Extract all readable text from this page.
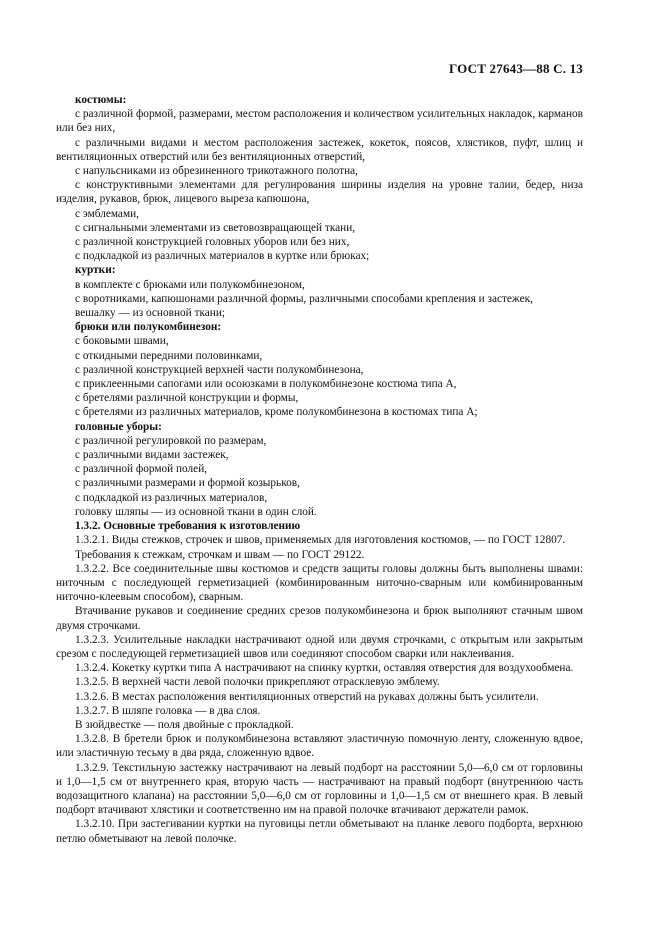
ГОСТ 27643—88 С. 13

костюмы:

с различной формой, размерами, местом расположения и количеством усилительных накладок, карманов или без них,

с различными видами и местом расположения застежек, кокеток, поясов, хлястиков, пуфт, шлиц и вентиляционных отверстий или без вентиляционных отверстий,

с напульсниками из обрезиненного трикотажного полотна,

с конструктивными элементами для регулирования ширины изделия на уровне талии, бедер, низа изделия, рукавов, брюк, лицевого выреза капюшона,

с эмблемами,

с сигнальными элементами из световозвращающей ткани,

с различной конструкцией головных уборов или без них,

с подкладкой из различных материалов в куртке или брюках;

куртки:

в комплекте с брюками или полукомбинезоном,

с воротниками, капюшонами различной формы, различными способами крепления и застежек,

вешалку — из основной ткани;

брюки или полукомбинезон:

с боковыми швами,

с откидными передними половинками,

с различной конструкцией верхней части полукомбинезона,

с приклеенными сапогами или осоюзками в полукомбинезоне костюма типа А,

с бретелями различной конструкции и формы,

с бретелями из различных материалов, кроме полукомбинезона в костюмах типа А;

головные уборы:

с различной регулировкой по размерам,

с различными видами застежек,

с различной формой полей,

с различными размерами и формой козырьков,

с подкладкой из различных материалов,

головку шляпы — из основной ткани в один слой.

1.3.2. Основные требования к изготовлению

1.3.2.1. Виды стежков, строчек и швов, применяемых для изготовления костюмов, — по ГОСТ 12807.

Требования к стежкам, строчкам и швам — по ГОСТ 29122.

1.3.2.2. Все соединительные швы костюмов и средств защиты головы должны быть выполнены швами: ниточным с последующей герметизацией (комбинированным ниточно-сварным или комбинированным ниточно-клеевым способом), сварным.

Втачивание рукавов и соединение средних срезов полукомбинезона и брюк выполняют стачным швом двумя строчками.

1.3.2.3. Усилительные накладки настрачивают одной или двумя строчками, с открытым или закрытым срезом с последующей герметизацией швов или соединяют способом сварки или наклеивания.

1.3.2.4. Кокетку куртки типа А настрачивают на спинку куртки, оставляя отверстия для воздухообмена.

1.3.2.5. В верхней части левой полочки прикрепляют отрасклевую эмблему.

1.3.2.6. В местах расположения вентиляционных отверстий на рукавах должны быть усилители.

1.3.2.7. В шляпе головка — в два слоя.

В зюйдвестке — поля двойные с прокладкой.

1.3.2.8. В бретели брюк и полукомбинезона вставляют эластичную помочную ленту, сложенную вдвое, или эластичную тесьму в два ряда, сложенную вдвое.

1.3.2.9. Текстильную застежку настрачивают на левый подборт на расстоянии 5,0—6,0 см от горловины и 1,0—1,5 см от внутреннего края, вторую часть — настрачивают на правый подборт (внутреннюю часть водозащитного клапана) на расстоянии 5,0—6,0 см от горловины и 1,0—1,5 см от внешнего края. В левый подборт втачивают хлястики и соответственно им на правой полочке втачивают держатели рамок.

1.3.2.10. При застегивании куртки на пуговицы петли обметывают на планке левого подборта, верхнюю петлю обметывают на левой полочке.
